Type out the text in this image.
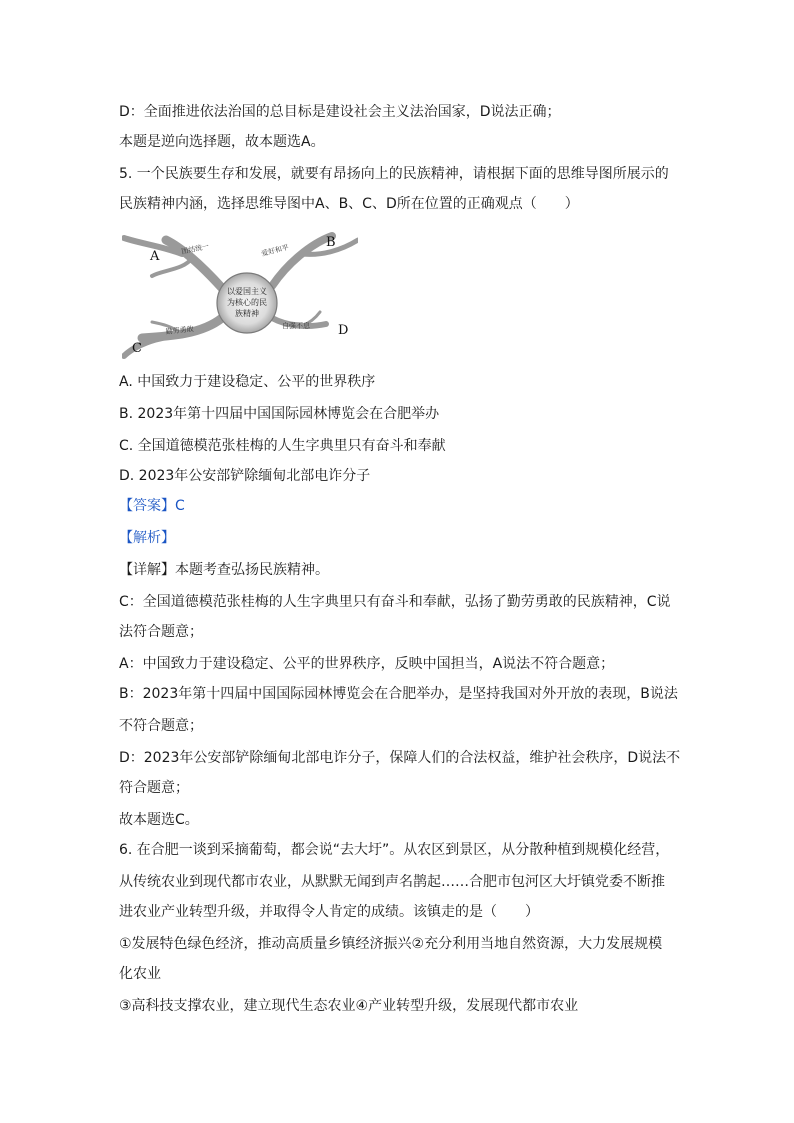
D：全面推进依法治国的总目标是建设社会主义法治国家，D说法正确；
本题是逆向选择题，故本题选A。
5. 一个民族要生存和发展，就要有昂扬向上的民族精神，请根据下面的思维导图所展示的
民族精神内涵，选择思维导图中A、B、C、D所在位置的正确观点（　　）
以爱国主义
为核心的民
族精神
团结统一	爱好和平
勤劳勇敢	自强不息
A
B
C
D
A. 中国致力于建设稳定、公平的世界秩序
B. 2023年第十四届中国国际园林博览会在合肥举办
C. 全国道德模范张桂梅的人生字典里只有奋斗和奉献
D. 2023年公安部铲除缅甸北部电诈分子
【答案】C
【解析】
【详解】本题考查弘扬民族精神。
C：全国道德模范张桂梅的人生字典里只有奋斗和奉献，弘扬了勤劳勇敢的民族精神，C说
法符合题意；
A：中国致力于建设稳定、公平的世界秩序，反映中国担当，A说法不符合题意；
B：2023年第十四届中国国际园林博览会在合肥举办，是坚持我国对外开放的表现，B说法
不符合题意；
D：2023年公安部铲除缅甸北部电诈分子，保障人们的合法权益，维护社会秩序，D说法不
符合题意；
故本题选C。
6. 在合肥一谈到采摘葡萄，都会说“去大圩”。从农区到景区，从分散种植到规模化经营，
从传统农业到现代都市农业，从默默无闻到声名鹊起……合肥市包河区大圩镇党委不断推
进农业产业转型升级，并取得令人肯定的成绩。该镇走的是（　　）
①发展特色绿色经济，推动高质量乡镇经济振兴②充分利用当地自然资源，大力发展规模
化农业
③高科技支撑农业，建立现代生态农业④产业转型升级，发展现代都市农业
